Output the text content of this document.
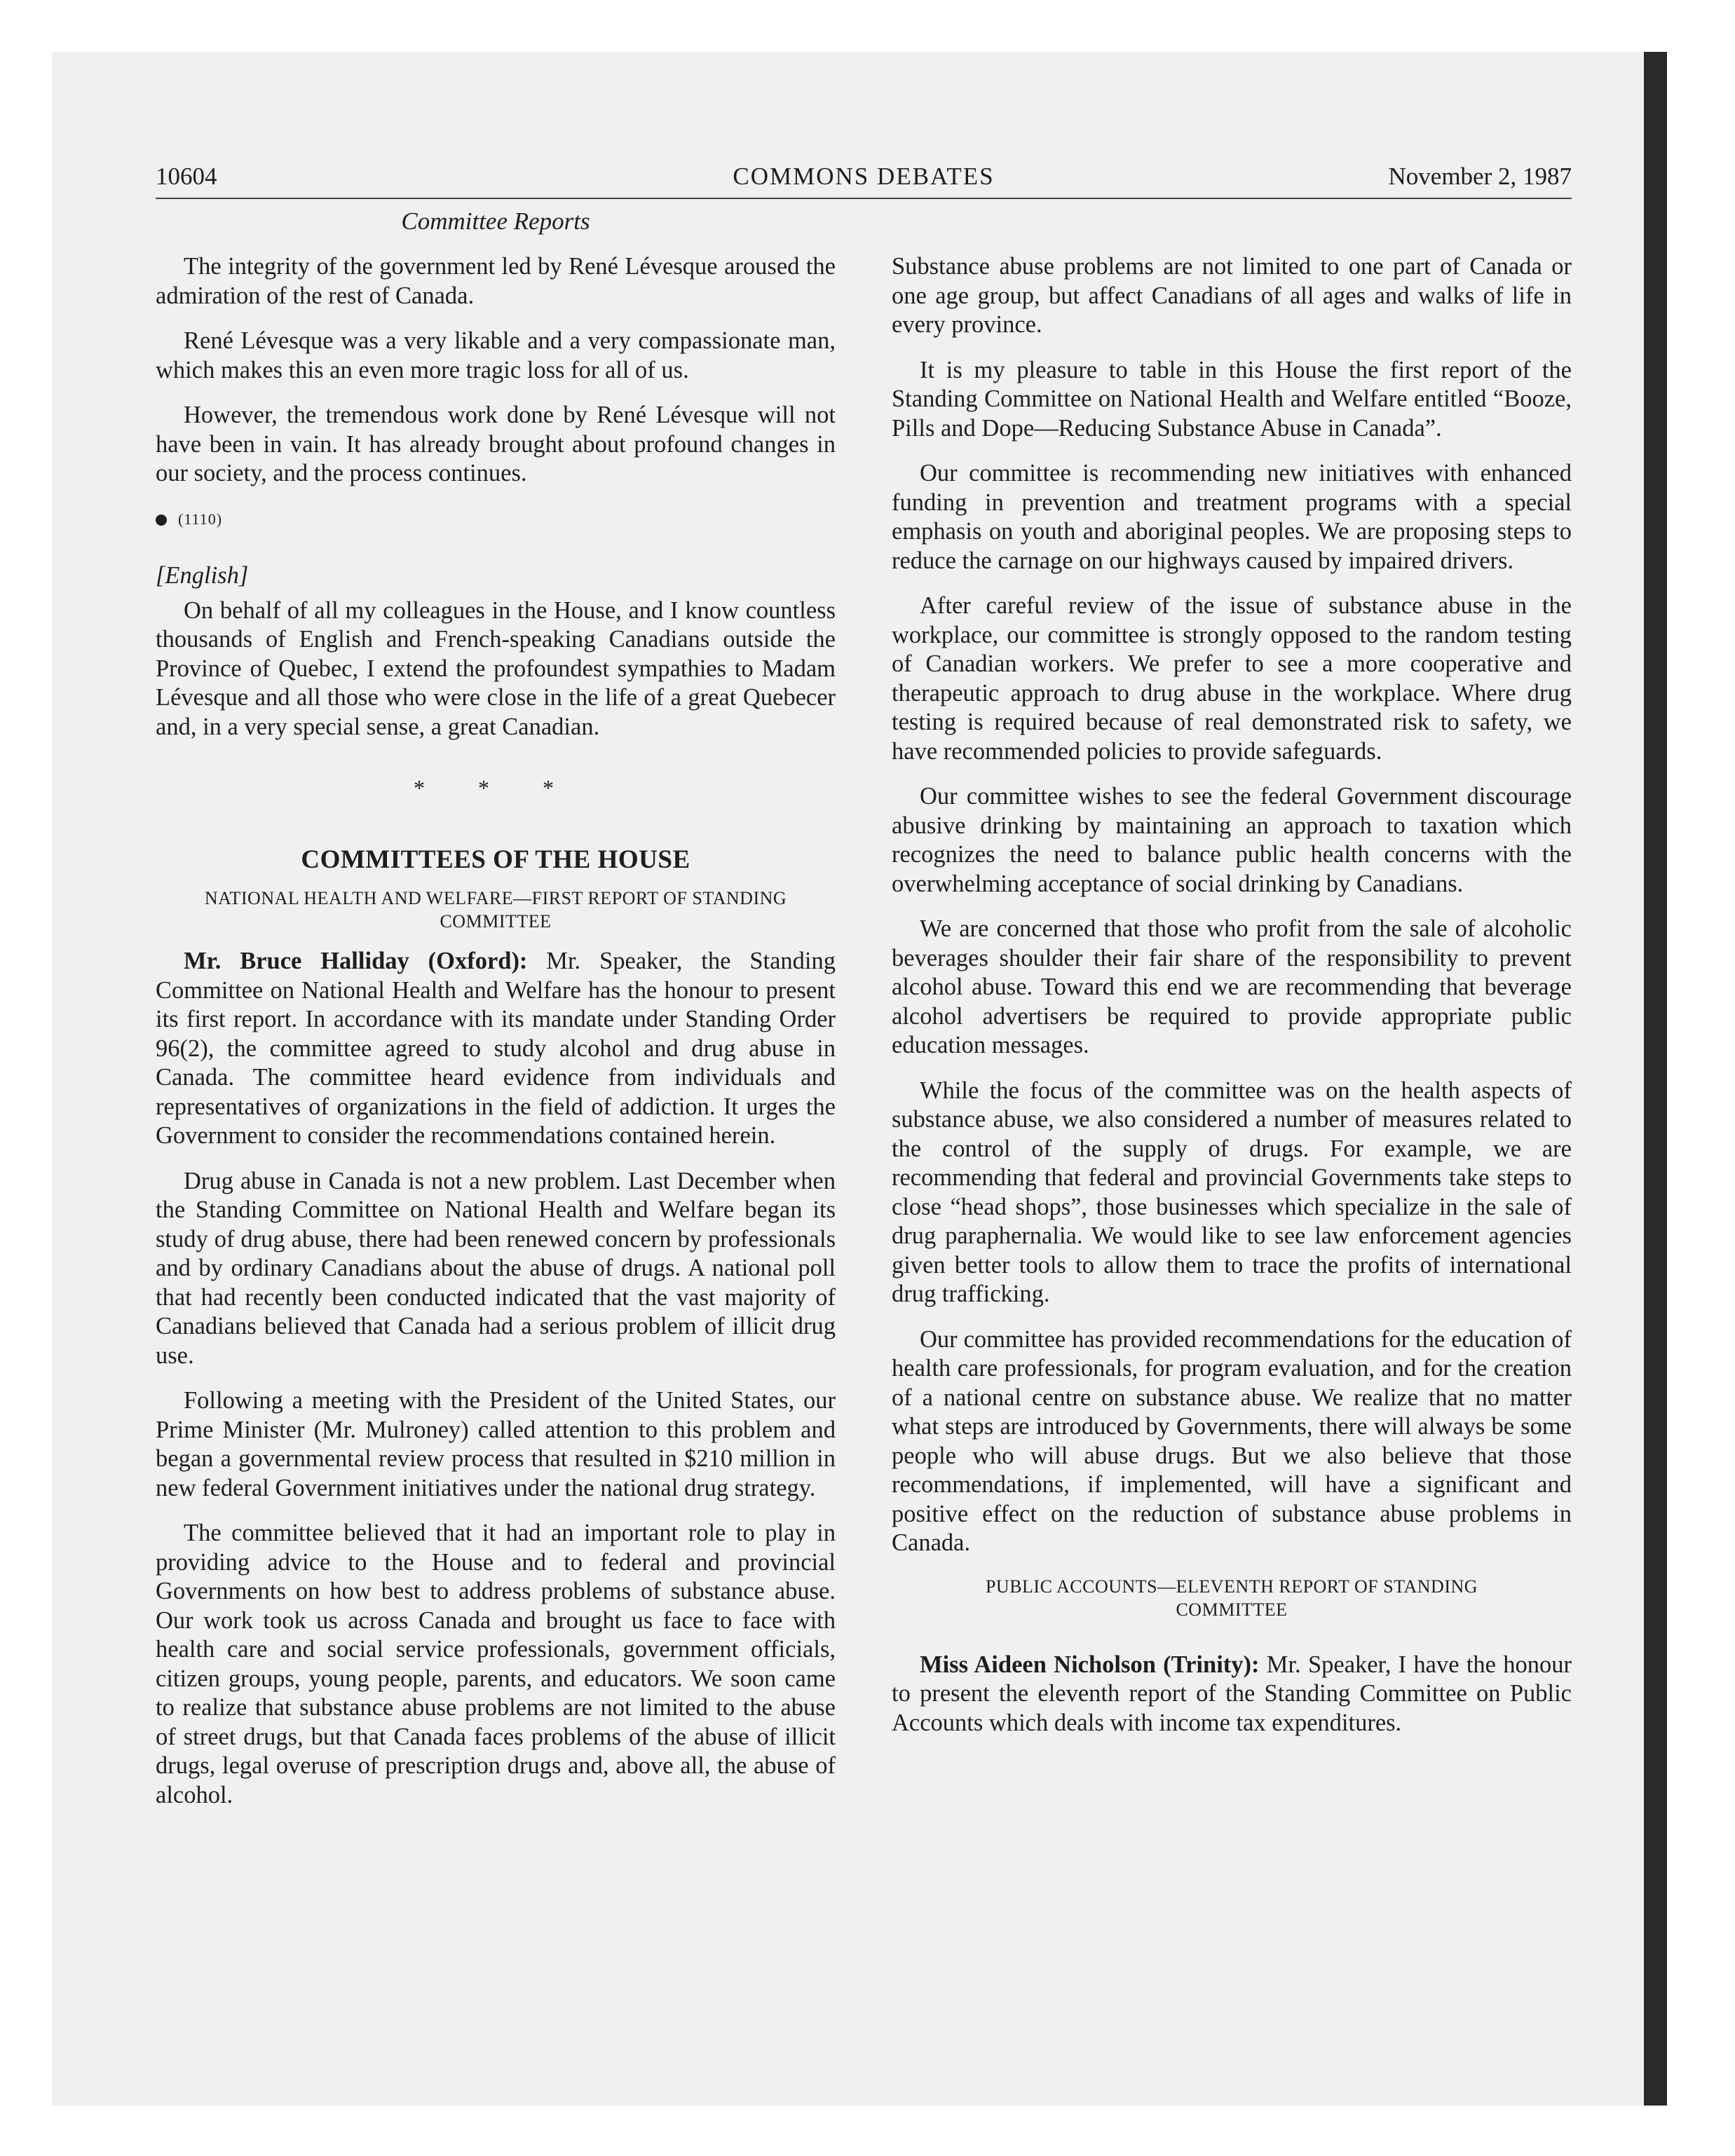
10604	COMMONS DEBATES	November 2, 1987
Committee Reports

The integrity of the government led by René Lévesque aroused the admiration of the rest of Canada.

René Lévesque was a very likable and a very compassionate man, which makes this an even more tragic loss for all of us.

However, the tremendous work done by René Lévesque will not have been in vain. It has already brought about profound changes in our society, and the process continues.

(1110)
[English]

On behalf of all my colleagues in the House, and I know countless thousands of English and French-speaking Canadians outside the Province of Quebec, I extend the profoundest sympathies to Madam Lévesque and all those who were close in the life of a great Quebecer and, in a very special sense, a great Canadian.

* * *
COMMITTEES OF THE HOUSE
NATIONAL HEALTH AND WELFARE—FIRST REPORT OF STANDING COMMITTEE

Mr. Bruce Halliday (Oxford): Mr. Speaker, the Standing Committee on National Health and Welfare has the honour to present its first report. In accordance with its mandate under Standing Order 96(2), the committee agreed to study alcohol and drug abuse in Canada. The committee heard evidence from individuals and representatives of organizations in the field of addiction. It urges the Government to consider the recommendations contained herein.

Drug abuse in Canada is not a new problem. Last December when the Standing Committee on National Health and Welfare began its study of drug abuse, there had been renewed concern by professionals and by ordinary Canadians about the abuse of drugs. A national poll that had recently been conducted indicated that the vast majority of Canadians believed that Canada had a serious problem of illicit drug use.

Following a meeting with the President of the United States, our Prime Minister (Mr. Mulroney) called attention to this problem and began a governmental review process that resulted in $210 million in new federal Government initiatives under the national drug strategy.

The committee believed that it had an important role to play in providing advice to the House and to federal and provincial Governments on how best to address problems of substance abuse. Our work took us across Canada and brought us face to face with health care and social service professionals, government officials, citizen groups, young people, parents, and educators. We soon came to realize that substance abuse problems are not limited to the abuse of street drugs, but that Canada faces problems of the abuse of illicit drugs, legal overuse of prescription drugs and, above all, the abuse of alcohol.

Substance abuse problems are not limited to one part of Canada or one age group, but affect Canadians of all ages and walks of life in every province.

It is my pleasure to table in this House the first report of the Standing Committee on National Health and Welfare entitled “Booze, Pills and Dope—Reducing Substance Abuse in Canada”.

Our committee is recommending new initiatives with enhanced funding in prevention and treatment programs with a special emphasis on youth and aboriginal peoples. We are proposing steps to reduce the carnage on our highways caused by impaired drivers.

After careful review of the issue of substance abuse in the workplace, our committee is strongly opposed to the random testing of Canadian workers. We prefer to see a more cooperative and therapeutic approach to drug abuse in the workplace. Where drug testing is required because of real demonstrated risk to safety, we have recommended policies to provide safeguards.

Our committee wishes to see the federal Government discourage abusive drinking by maintaining an approach to taxation which recognizes the need to balance public health concerns with the overwhelming acceptance of social drinking by Canadians.

We are concerned that those who profit from the sale of alcoholic beverages shoulder their fair share of the responsibility to prevent alcohol abuse. Toward this end we are recommending that beverage alcohol advertisers be required to provide appropriate public education messages.

While the focus of the committee was on the health aspects of substance abuse, we also considered a number of measures related to the control of the supply of drugs. For example, we are recommending that federal and provincial Governments take steps to close “head shops”, those businesses which specialize in the sale of drug paraphernalia. We would like to see law enforcement agencies given better tools to allow them to trace the profits of international drug trafficking.

Our committee has provided recommendations for the education of health care professionals, for program evaluation, and for the creation of a national centre on substance abuse. We realize that no matter what steps are introduced by Governments, there will always be some people who will abuse drugs. But we also believe that those recommendations, if implemented, will have a significant and positive effect on the reduction of substance abuse problems in Canada.

PUBLIC ACCOUNTS—ELEVENTH REPORT OF STANDING COMMITTEE

Miss Aideen Nicholson (Trinity): Mr. Speaker, I have the honour to present the eleventh report of the Standing Committee on Public Accounts which deals with income tax expenditures.
